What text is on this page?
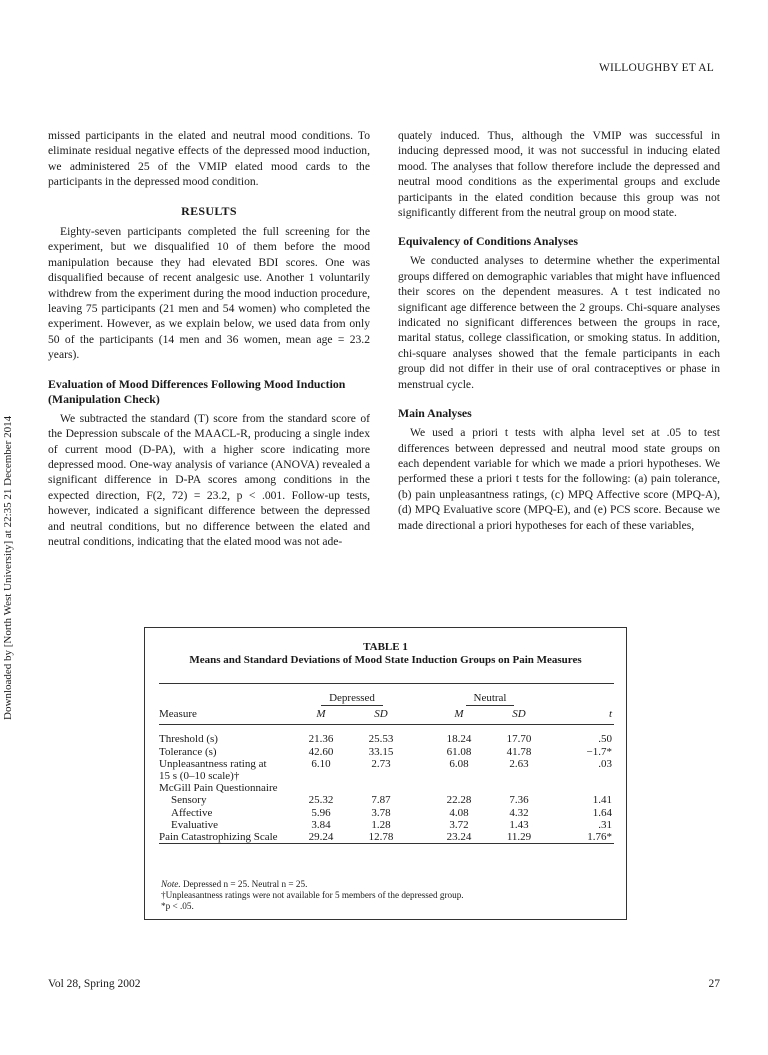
WILLOUGHBY ET AL
Downloaded by [North West University] at 22:35 21 December 2014

missed participants in the elated and neutral mood conditions. To eliminate residual negative effects of the depressed mood induction, we administered 25 of the VMIP elated mood cards to the participants in the depressed mood condition.

RESULTS

Eighty-seven participants completed the full screening for the experiment, but we disqualified 10 of them before the mood manipulation because they had elevated BDI scores. One was disqualified because of recent analgesic use. Another 1 voluntarily withdrew from the experiment during the mood induction procedure, leaving 75 participants (21 men and 54 women) who completed the experiment. However, as we explain below, we used data from only 50 of the participants (14 men and 36 women, mean age = 23.2 years).

Evaluation of Mood Differences Following Mood Induction (Manipulation Check)

We subtracted the standard (T) score from the standard score of the Depression subscale of the MAACL-R, producing a single index of current mood (D-PA), with a higher score indicating more depressed mood. One-way analysis of variance (ANOVA) revealed a significant difference in D-PA scores among conditions in the expected direction, F(2, 72) = 23.2, p < .001. Follow-up tests, however, indicated a significant difference between the depressed and neutral conditions, but no difference between the elated and neutral conditions, indicating that the elated mood was not ade-

quately induced. Thus, although the VMIP was successful in inducing depressed mood, it was not successful in inducing elated mood. The analyses that follow therefore include the depressed and neutral mood conditions as the experimental groups and exclude participants in the elated condition because this group was not significantly different from the neutral group on mood state.

Equivalency of Conditions Analyses

We conducted analyses to determine whether the experimental groups differed on demographic variables that might have influenced their scores on the dependent measures. A t test indicated no significant age difference between the 2 groups. Chi-square analyses indicated no significant differences between the groups in race, marital status, college classification, or smoking status. In addition, chi-square analyses showed that the female participants in each group did not differ in their use of oral contraceptives or phase in menstrual cycle.

Main Analyses

We used a priori t tests with alpha level set at .05 to test differences between depressed and neutral mood state groups on each dependent variable for which we made a priori hypotheses. We performed these a priori t tests for the following: (a) pain tolerance, (b) pain unpleasantness ratings, (c) MPQ Affective score (MPQ-A), (d) MPQ Evaluative score (MPQ-E), and (e) PCS score. Because we made directional a priori hypotheses for each of these variables,

TABLE 1
Means and Standard Deviations of Mood State Induction Groups on Pain Measures

	Depressed			Neutral		
Measure	M	SD		M	SD	t

Threshold (s)	21.36	25.53		18.24	17.70	.50
Tolerance (s)	42.60	33.15		61.08	41.78	−1.7*
Unpleasantness rating at	6.10	2.73		6.08	2.63	.03
15 s (0–10 scale)†						
McGill Pain Questionnaire						
Sensory	25.32	7.87		22.28	7.36	1.41
Affective	5.96	3.78		4.08	4.32	1.64
Evaluative	3.84	1.28		3.72	1.43	.31
Pain Catastrophizing Scale	29.24	12.78		23.24	11.29	1.76*
Note. Depressed n = 25. Neutral n = 25.
†Unpleasantness ratings were not available for 5 members of the depressed group.
*p < .05.
Vol 28, Spring 2002	27
